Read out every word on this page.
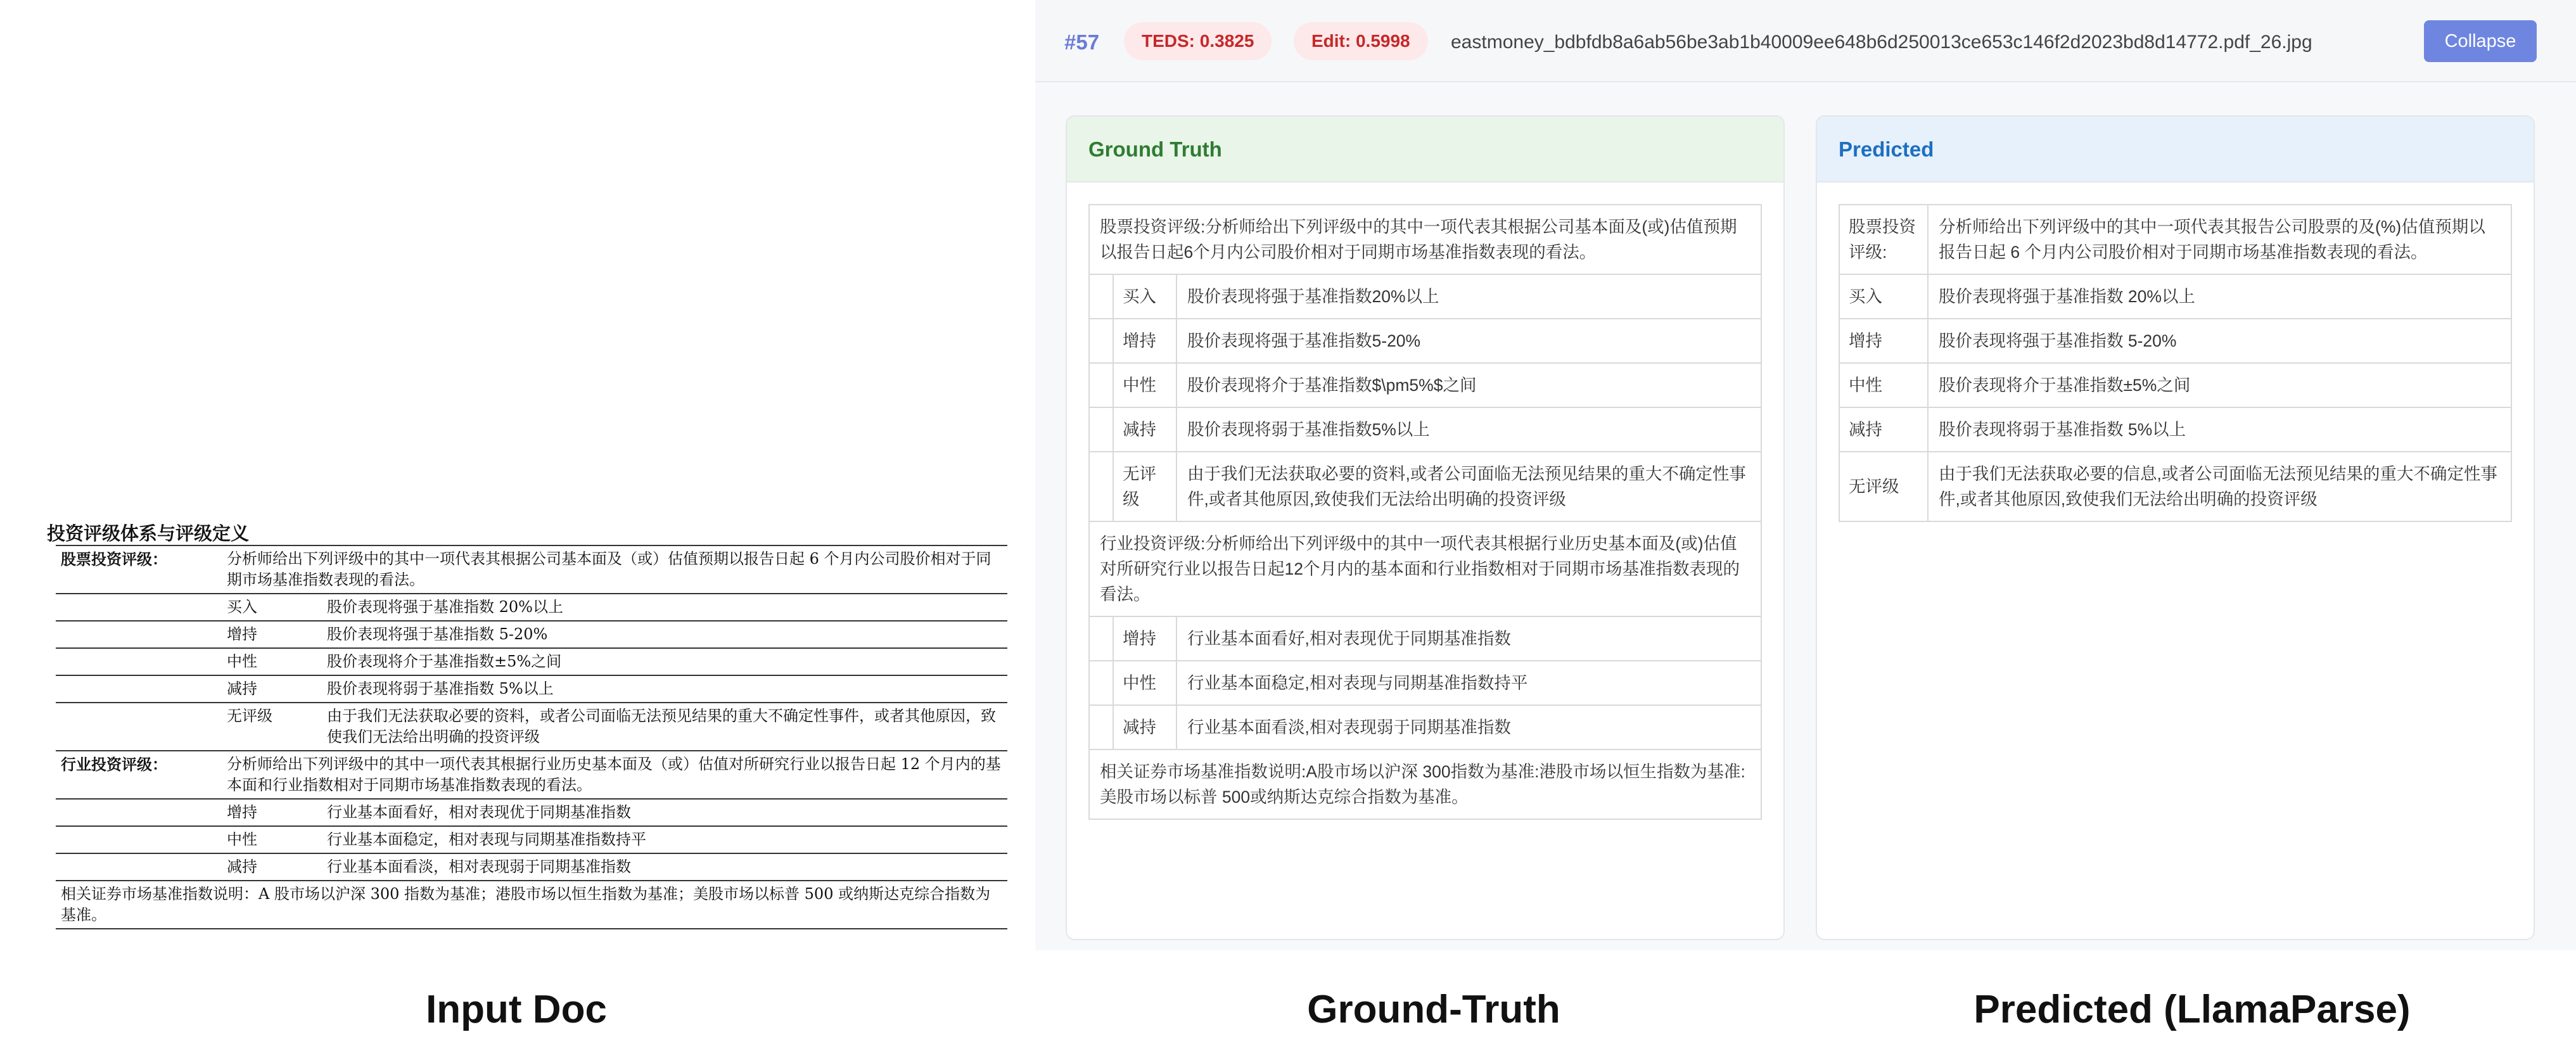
投资评级体系与评级定义
股票投资评级：	分析师给出下列评级中的其中一项代表其根据公司基本面及（或）估值预期以报告日起 6 个月内公司股价相对于同期市场基准指数表现的看法。	
	买入	股价表现将强于基准指数 20%以上
	增持	股价表现将强于基准指数 5-20%
	中性	股价表现将介于基准指数±5%之间
	减持	股价表现将弱于基准指数 5%以上
	无评级	由于我们无法获取必要的资料，或者公司面临无法预见结果的重大不确定性事件，或者其他原因，致使我们无法给出明确的投资评级
行业投资评级：	分析师给出下列评级中的其中一项代表其根据行业历史基本面及（或）估值对所研究行业以报告日起 12 个月内的基本面和行业指数相对于同期市场基准指数表现的看法。	
	增持	行业基本面看好，相对表现优于同期基准指数
	中性	行业基本面稳定，相对表现与同期基准指数持平
	减持	行业基本面看淡，相对表现弱于同期基准指数
相关证券市场基准指数说明：A 股市场以沪深 300 指数为基准；港股市场以恒生指数为基准；美股市场以标普 500 或纳斯达克综合指数为基准。		
#57	TEDS: 0.3825	Edit: 0.5998	eastmoney_bdbfdb8a6ab56be3ab1b40009ee648b6d250013ce653c146f2d2023bd8d14772.pdf_26.jpg	Collapse
Ground Truth
股票投资评级:分析师给出下列评级中的其中一项代表其根据公司基本面及(或)估值预期以报告日起6个月内公司股价相对于同期市场基准指数表现的看法。		
	买入	股价表现将强于基准指数20%以上
	增持	股价表现将强于基准指数5-20%
	中性	股价表现将介于基准指数$\pm5%$之间
	减持	股价表现将弱于基准指数5%以上
	无评级	由于我们无法获取必要的资料,或者公司面临无法预见结果的重大不确定性事件,或者其他原因,致使我们无法给出明确的投资评级
行业投资评级:分析师给出下列评级中的其中一项代表其根据行业历史基本面及(或)估值对所研究行业以报告日起12个月内的基本面和行业指数相对于同期市场基准指数表现的看法。		
	增持	行业基本面看好,相对表现优于同期基准指数
	中性	行业基本面稳定,相对表现与同期基准指数持平
	减持	行业基本面看淡,相对表现弱于同期基准指数
相关证券市场基准指数说明:A股市场以沪深 300指数为基准:港股市场以恒生指数为基准:美股市场以标普 500或纳斯达克综合指数为基准。		
Predicted
股票投资评级:	分析师给出下列评级中的其中一项代表其报告公司股票的及(%)估值预期以报告日起 6 个月内公司股价相对于同期市场基准指数表现的看法。
买入	股价表现将强于基准指数 20%以上
增持	股价表现将强于基准指数 5-20%
中性	股价表现将介于基准指数±5%之间
减持	股价表现将弱于基准指数 5%以上
无评级	由于我们无法获取必要的信息,或者公司面临无法预见结果的重大不确定性事件,或者其他原因,致使我们无法给出明确的投资评级
Input Doc	Ground-Truth	Predicted (LlamaParse)
